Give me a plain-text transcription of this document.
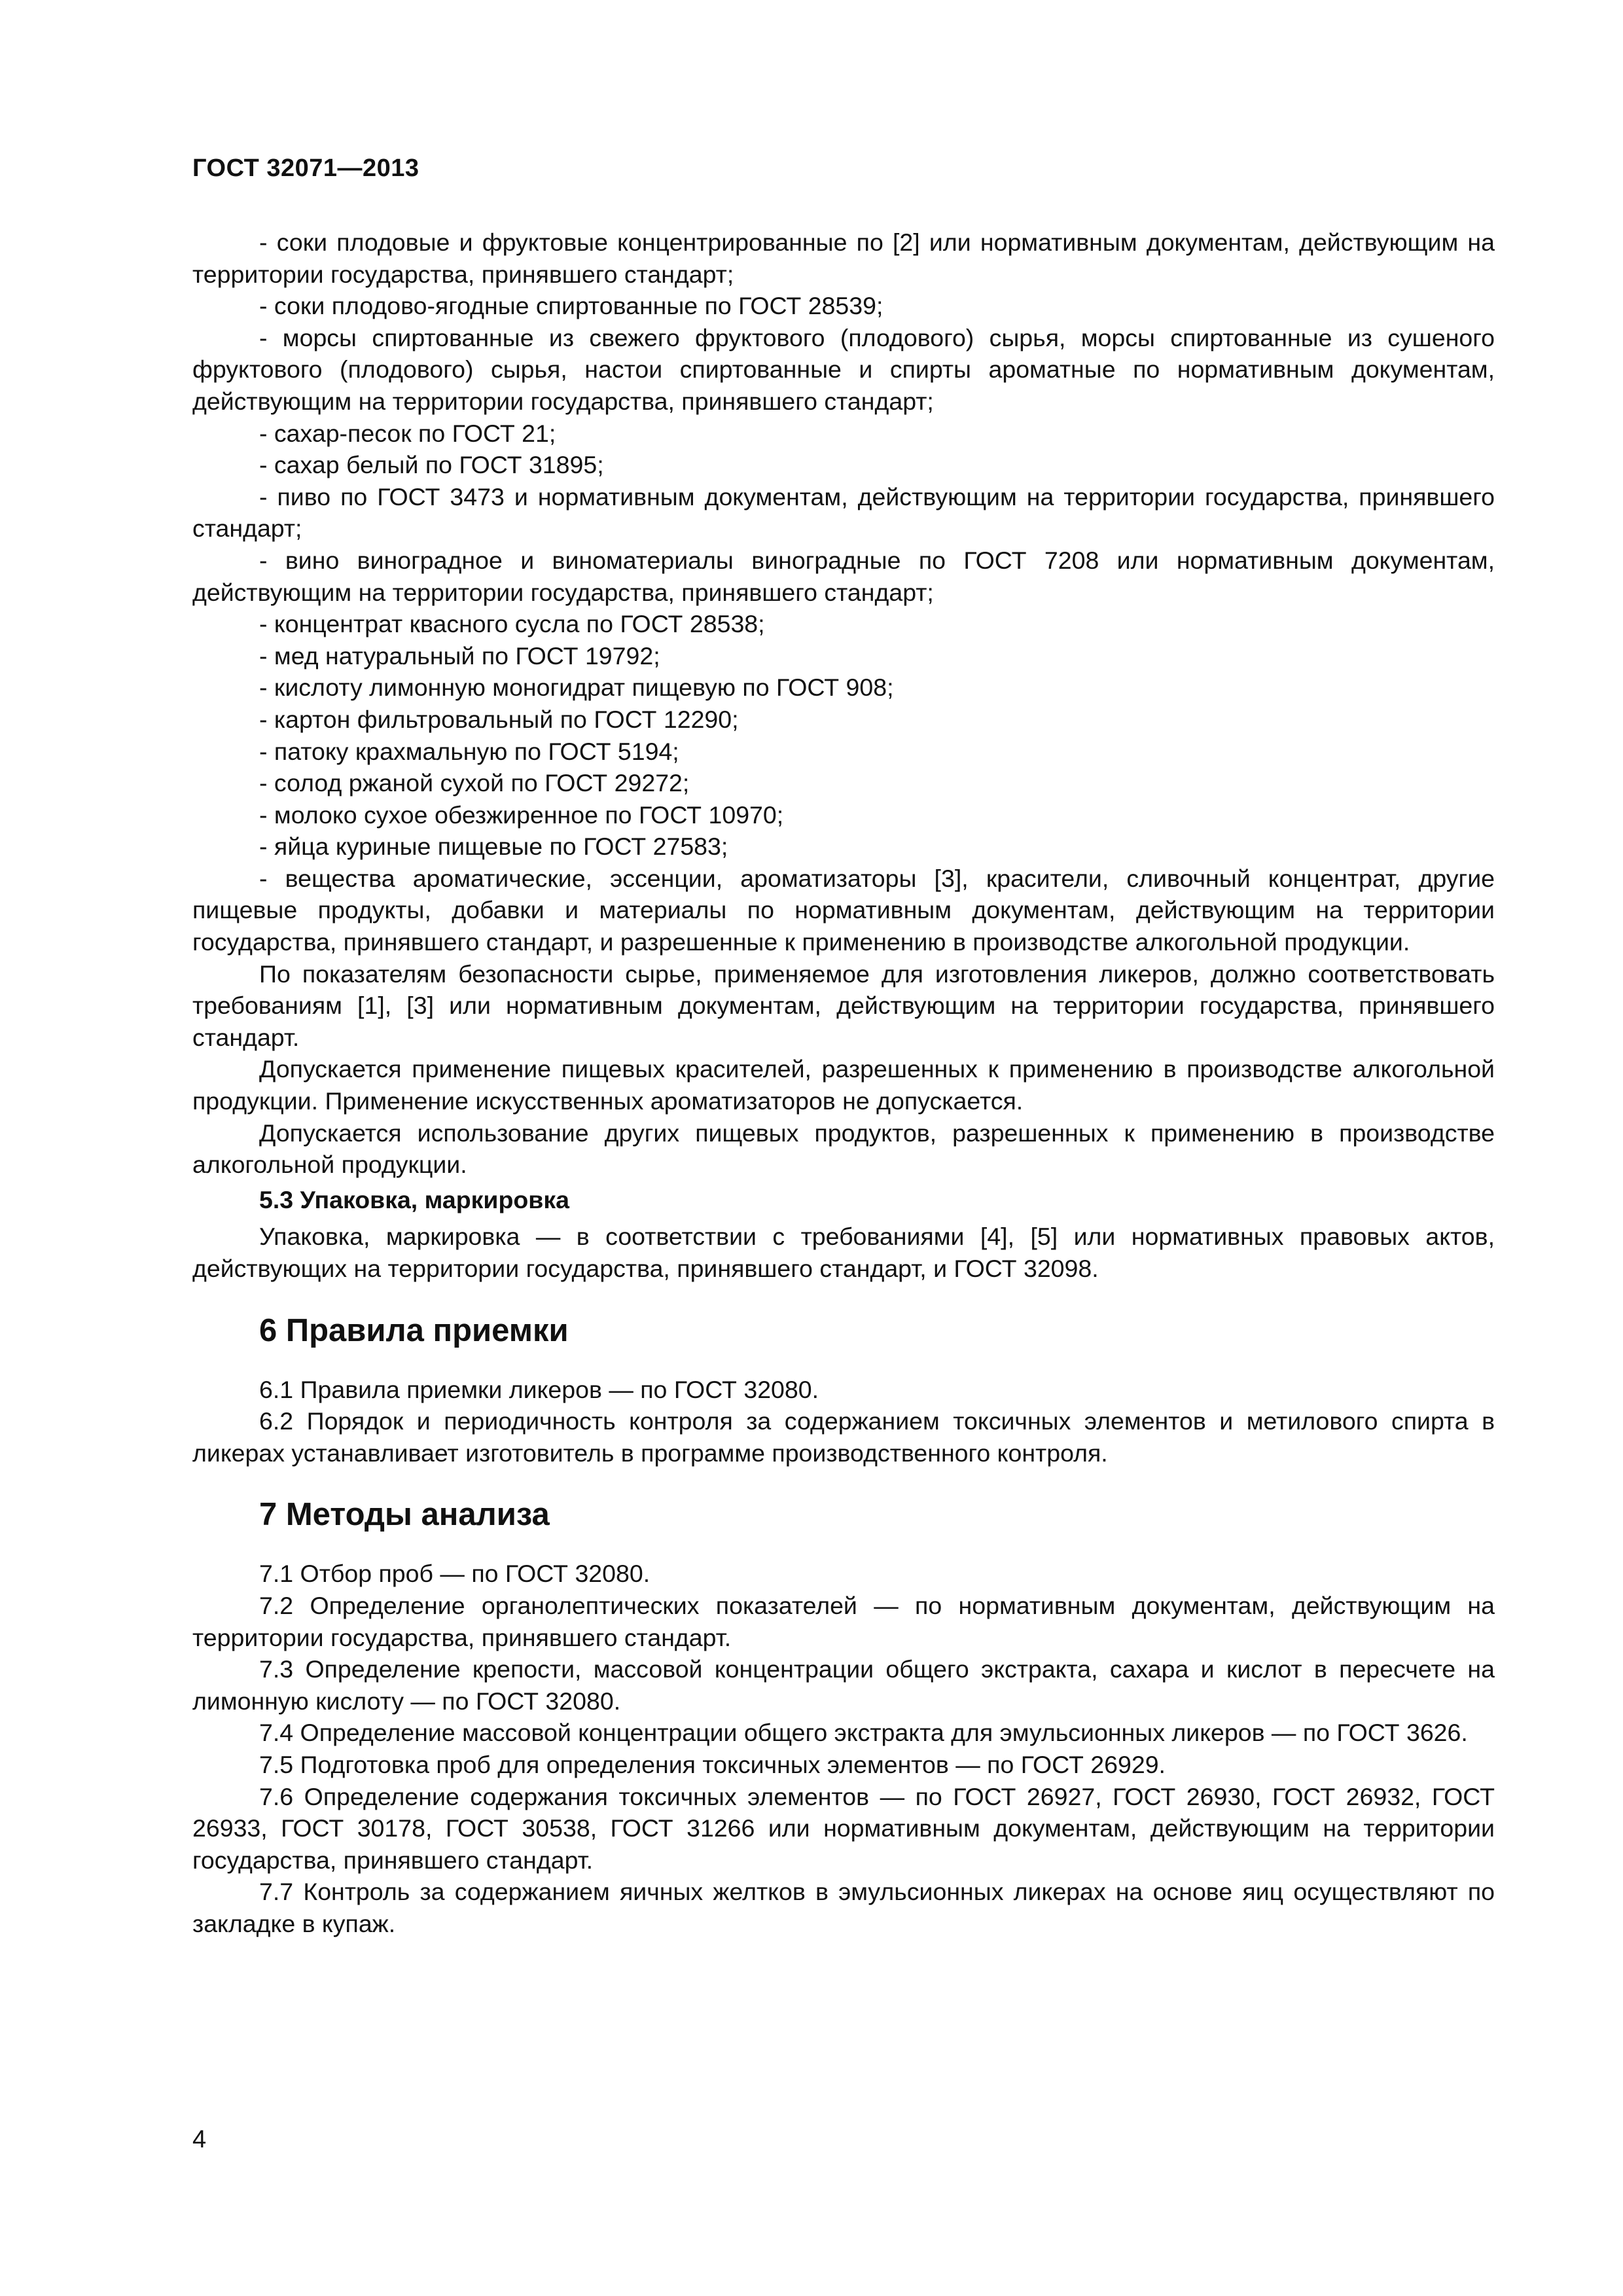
ГОСТ 32071—2013

- соки плодовые и фруктовые концентрированные по [2] или нормативным документам, действующим на территории государства, принявшего стандарт;

- соки плодово-ягодные спиртованные по ГОСТ 28539;

- морсы спиртованные из свежего фруктового (плодового) сырья, морсы спиртованные из сушеного фруктового (плодового) сырья, настои спиртованные и спирты ароматные по нормативным документам, действующим на территории государства, принявшего стандарт;

- сахар-песок по ГОСТ 21;

- сахар белый по ГОСТ 31895;

- пиво по ГОСТ 3473 и нормативным документам, действующим на территории государства, принявшего стандарт;

- вино виноградное и виноматериалы виноградные по ГОСТ 7208 или нормативным документам, действующим на территории государства, принявшего стандарт;

- концентрат квасного сусла по ГОСТ 28538;

- мед натуральный по ГОСТ 19792;

- кислоту лимонную моногидрат пищевую по ГОСТ 908;

- картон фильтровальный по ГОСТ 12290;

- патоку крахмальную по ГОСТ 5194;

- солод ржаной сухой по ГОСТ 29272;

- молоко сухое обезжиренное по ГОСТ 10970;

- яйца куриные пищевые по ГОСТ 27583;

- вещества ароматические, эссенции, ароматизаторы [3], красители, сливочный концентрат, другие пищевые продукты, добавки и материалы по нормативным документам, действующим на территории государства, принявшего стандарт, и разрешенные к применению в производстве алкогольной продукции.

По показателям безопасности сырье, применяемое для изготовления ликеров, должно соответствовать требованиям [1], [3] или нормативным документам, действующим на территории государства, принявшего стандарт.

Допускается применение пищевых красителей, разрешенных к применению в производстве алкогольной продукции. Применение искусственных ароматизаторов не допускается.

Допускается использование других пищевых продуктов, разрешенных к применению в производстве алкогольной продукции.

5.3 Упаковка, маркировка

Упаковка, маркировка — в соответствии с требованиями [4], [5] или нормативных правовых актов, действующих на территории государства, принявшего стандарт, и ГОСТ 32098.

6 Правила приемки

6.1 Правила приемки ликеров — по ГОСТ 32080.

6.2 Порядок и периодичность контроля за содержанием токсичных элементов и метилового спирта в ликерах устанавливает изготовитель в программе производственного контроля.

7 Методы анализа

7.1 Отбор проб — по ГОСТ 32080.

7.2 Определение органолептических показателей — по нормативным документам, действующим на территории государства, принявшего стандарт.

7.3 Определение крепости, массовой концентрации общего экстракта, сахара и кислот в пересчете на лимонную кислоту — по ГОСТ 32080.

7.4 Определение массовой концентрации общего экстракта для эмульсионных ликеров — по ГОСТ 3626.

7.5 Подготовка проб для определения токсичных элементов — по ГОСТ 26929.

7.6 Определение содержания токсичных элементов — по ГОСТ 26927, ГОСТ 26930, ГОСТ 26932, ГОСТ 26933, ГОСТ 30178, ГОСТ 30538, ГОСТ 31266 или нормативным документам, действующим на территории государства, принявшего стандарт.

7.7 Контроль за содержанием яичных желтков в эмульсионных ликерах на основе яиц осуществляют по закладке в купаж.

4
